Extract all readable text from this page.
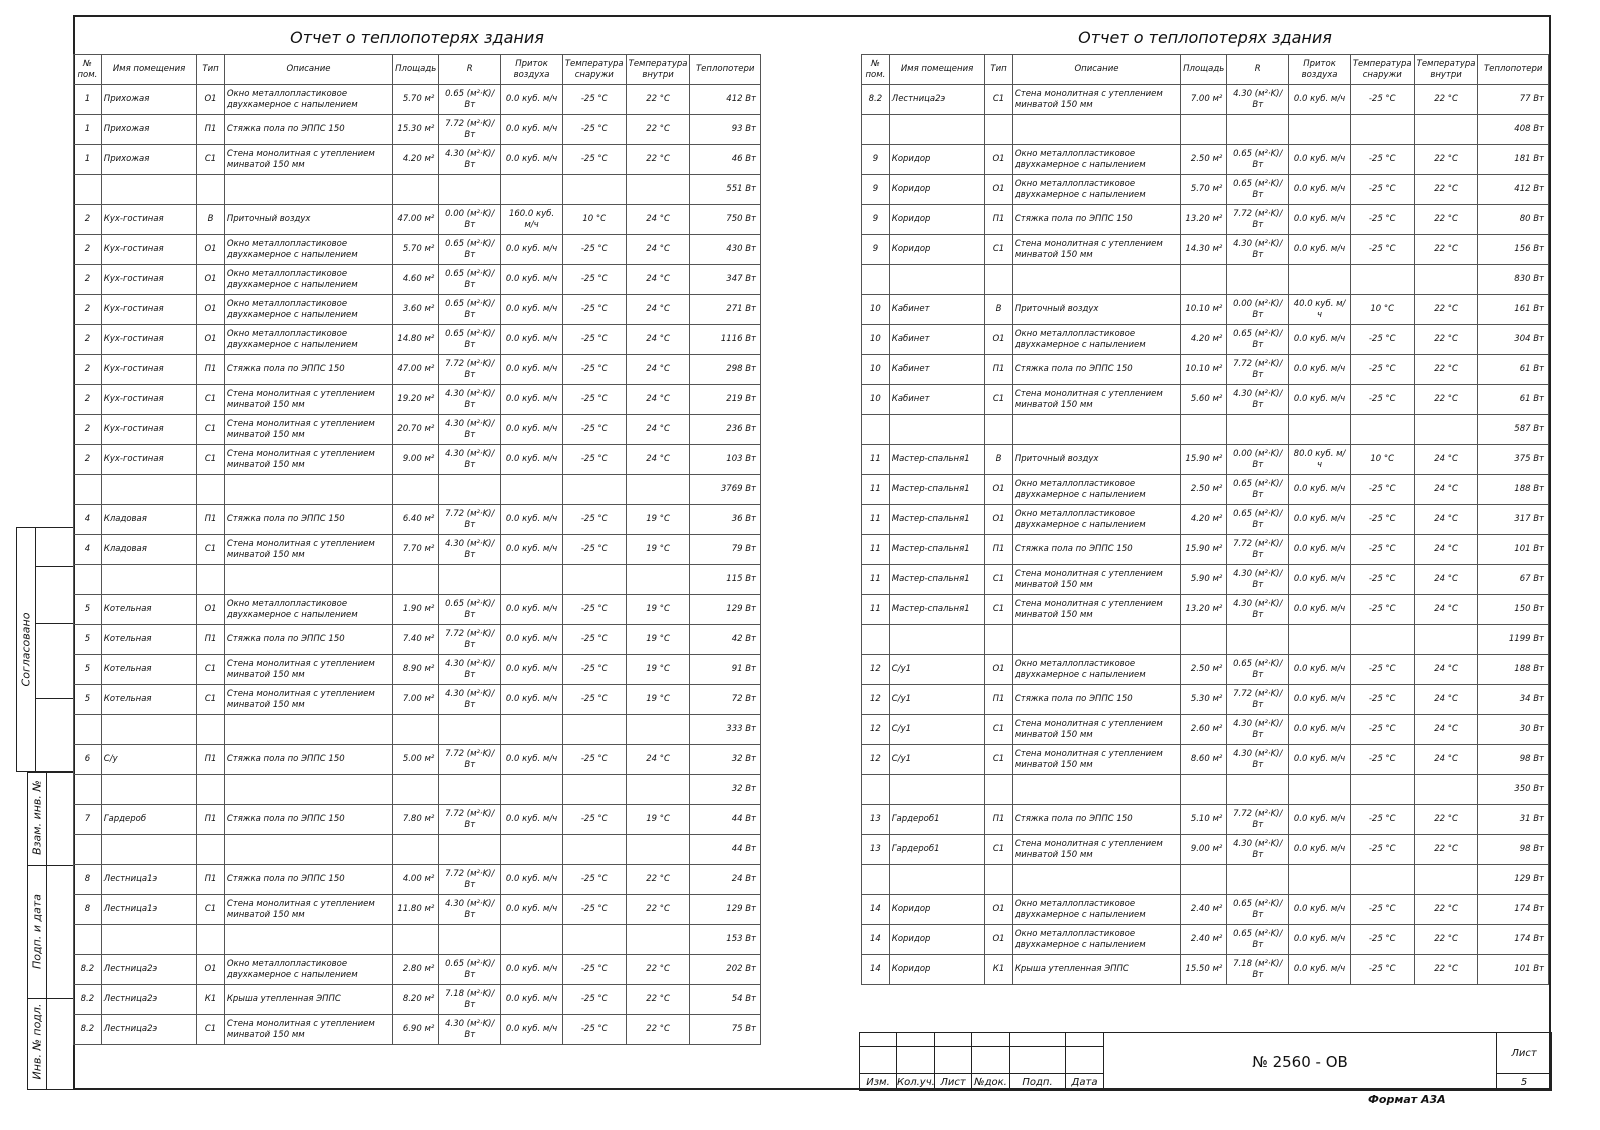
Согласовано
Взам. инв. №
Подп. и дата
Инв. № подл.
Отчет о теплопотерях здания
№ пом.	Имя помещения	Тип	Описание	Площадь	R	Приток воздуха	Температура снаружи	Температура внутри	Теплопотери
1	Прихожая	О1	Окно металлопластиковое двухкамерное с напылением	5.70 м²	0.65 (м²·K)/Вт	0.0 куб. м/ч	-25 °C	22 °C	412 Вт
1	Прихожая	П1	Стяжка пола по ЭППС 150	15.30 м²	7.72 (м²·K)/Вт	0.0 куб. м/ч	-25 °C	22 °C	93 Вт
1	Прихожая	С1	Стена монолитная с утеплением минватой 150 мм	4.20 м²	4.30 (м²·K)/Вт	0.0 куб. м/ч	-25 °C	22 °C	46 Вт
									551 Вт
2	Кух-гостиная	В	Приточный воздух	47.00 м²	0.00 (м²·K)/Вт	160.0 куб. м/ч	10 °C	24 °C	750 Вт
2	Кух-гостиная	О1	Окно металлопластиковое двухкамерное с напылением	5.70 м²	0.65 (м²·K)/Вт	0.0 куб. м/ч	-25 °C	24 °C	430 Вт
2	Кух-гостиная	О1	Окно металлопластиковое двухкамерное с напылением	4.60 м²	0.65 (м²·K)/Вт	0.0 куб. м/ч	-25 °C	24 °C	347 Вт
2	Кух-гостиная	О1	Окно металлопластиковое двухкамерное с напылением	3.60 м²	0.65 (м²·K)/Вт	0.0 куб. м/ч	-25 °C	24 °C	271 Вт
2	Кух-гостиная	О1	Окно металлопластиковое двухкамерное с напылением	14.80 м²	0.65 (м²·K)/Вт	0.0 куб. м/ч	-25 °C	24 °C	1116 Вт
2	Кух-гостиная	П1	Стяжка пола по ЭППС 150	47.00 м²	7.72 (м²·K)/Вт	0.0 куб. м/ч	-25 °C	24 °C	298 Вт
2	Кух-гостиная	С1	Стена монолитная с утеплением минватой 150 мм	19.20 м²	4.30 (м²·K)/Вт	0.0 куб. м/ч	-25 °C	24 °C	219 Вт
2	Кух-гостиная	С1	Стена монолитная с утеплением минватой 150 мм	20.70 м²	4.30 (м²·K)/Вт	0.0 куб. м/ч	-25 °C	24 °C	236 Вт
2	Кух-гостиная	С1	Стена монолитная с утеплением минватой 150 мм	9.00 м²	4.30 (м²·K)/Вт	0.0 куб. м/ч	-25 °C	24 °C	103 Вт
									3769 Вт
4	Кладовая	П1	Стяжка пола по ЭППС 150	6.40 м²	7.72 (м²·K)/Вт	0.0 куб. м/ч	-25 °C	19 °C	36 Вт
4	Кладовая	С1	Стена монолитная с утеплением минватой 150 мм	7.70 м²	4.30 (м²·K)/Вт	0.0 куб. м/ч	-25 °C	19 °C	79 Вт
									115 Вт
5	Котельная	О1	Окно металлопластиковое двухкамерное с напылением	1.90 м²	0.65 (м²·K)/Вт	0.0 куб. м/ч	-25 °C	19 °C	129 Вт
5	Котельная	П1	Стяжка пола по ЭППС 150	7.40 м²	7.72 (м²·K)/Вт	0.0 куб. м/ч	-25 °C	19 °C	42 Вт
5	Котельная	С1	Стена монолитная с утеплением минватой 150 мм	8.90 м²	4.30 (м²·K)/Вт	0.0 куб. м/ч	-25 °C	19 °C	91 Вт
5	Котельная	С1	Стена монолитная с утеплением минватой 150 мм	7.00 м²	4.30 (м²·K)/Вт	0.0 куб. м/ч	-25 °C	19 °C	72 Вт
									333 Вт
6	С/у	П1	Стяжка пола по ЭППС 150	5.00 м²	7.72 (м²·K)/Вт	0.0 куб. м/ч	-25 °C	24 °C	32 Вт
									32 Вт
7	Гардероб	П1	Стяжка пола по ЭППС 150	7.80 м²	7.72 (м²·K)/Вт	0.0 куб. м/ч	-25 °C	19 °C	44 Вт
									44 Вт
8	Лестница1э	П1	Стяжка пола по ЭППС 150	4.00 м²	7.72 (м²·K)/Вт	0.0 куб. м/ч	-25 °C	22 °C	24 Вт
8	Лестница1э	С1	Стена монолитная с утеплением минватой 150 мм	11.80 м²	4.30 (м²·K)/Вт	0.0 куб. м/ч	-25 °C	22 °C	129 Вт
									153 Вт
8.2	Лестница2э	О1	Окно металлопластиковое двухкамерное с напылением	2.80 м²	0.65 (м²·K)/Вт	0.0 куб. м/ч	-25 °C	22 °C	202 Вт
8.2	Лестница2э	К1	Крыша утепленная ЭППС	8.20 м²	7.18 (м²·K)/Вт	0.0 куб. м/ч	-25 °C	22 °C	54 Вт
8.2	Лестница2э	С1	Стена монолитная с утеплением минватой 150 мм	6.90 м²	4.30 (м²·K)/Вт	0.0 куб. м/ч	-25 °C	22 °C	75 Вт
Отчет о теплопотерях здания
№ пом.	Имя помещения	Тип	Описание	Площадь	R	Приток воздуха	Температура снаружи	Температура внутри	Теплопотери
8.2	Лестница2э	С1	Стена монолитная с утеплением минватой 150 мм	7.00 м²	4.30 (м²·K)/Вт	0.0 куб. м/ч	-25 °C	22 °C	77 Вт
									408 Вт
9	Коридор	О1	Окно металлопластиковое двухкамерное с напылением	2.50 м²	0.65 (м²·K)/Вт	0.0 куб. м/ч	-25 °C	22 °C	181 Вт
9	Коридор	О1	Окно металлопластиковое двухкамерное с напылением	5.70 м²	0.65 (м²·K)/Вт	0.0 куб. м/ч	-25 °C	22 °C	412 Вт
9	Коридор	П1	Стяжка пола по ЭППС 150	13.20 м²	7.72 (м²·K)/Вт	0.0 куб. м/ч	-25 °C	22 °C	80 Вт
9	Коридор	С1	Стена монолитная с утеплением минватой 150 мм	14.30 м²	4.30 (м²·K)/Вт	0.0 куб. м/ч	-25 °C	22 °C	156 Вт
									830 Вт
10	Кабинет	В	Приточный воздух	10.10 м²	0.00 (м²·K)/Вт	40.0 куб. м/ч	10 °C	22 °C	161 Вт
10	Кабинет	О1	Окно металлопластиковое двухкамерное с напылением	4.20 м²	0.65 (м²·K)/Вт	0.0 куб. м/ч	-25 °C	22 °C	304 Вт
10	Кабинет	П1	Стяжка пола по ЭППС 150	10.10 м²	7.72 (м²·K)/Вт	0.0 куб. м/ч	-25 °C	22 °C	61 Вт
10	Кабинет	С1	Стена монолитная с утеплением минватой 150 мм	5.60 м²	4.30 (м²·K)/Вт	0.0 куб. м/ч	-25 °C	22 °C	61 Вт
									587 Вт
11	Мастер-спальня1	В	Приточный воздух	15.90 м²	0.00 (м²·K)/Вт	80.0 куб. м/ч	10 °C	24 °C	375 Вт
11	Мастер-спальня1	О1	Окно металлопластиковое двухкамерное с напылением	2.50 м²	0.65 (м²·K)/Вт	0.0 куб. м/ч	-25 °C	24 °C	188 Вт
11	Мастер-спальня1	О1	Окно металлопластиковое двухкамерное с напылением	4.20 м²	0.65 (м²·K)/Вт	0.0 куб. м/ч	-25 °C	24 °C	317 Вт
11	Мастер-спальня1	П1	Стяжка пола по ЭППС 150	15.90 м²	7.72 (м²·K)/Вт	0.0 куб. м/ч	-25 °C	24 °C	101 Вт
11	Мастер-спальня1	С1	Стена монолитная с утеплением минватой 150 мм	5.90 м²	4.30 (м²·K)/Вт	0.0 куб. м/ч	-25 °C	24 °C	67 Вт
11	Мастер-спальня1	С1	Стена монолитная с утеплением минватой 150 мм	13.20 м²	4.30 (м²·K)/Вт	0.0 куб. м/ч	-25 °C	24 °C	150 Вт
									1199 Вт
12	С/у1	О1	Окно металлопластиковое двухкамерное с напылением	2.50 м²	0.65 (м²·K)/Вт	0.0 куб. м/ч	-25 °C	24 °C	188 Вт
12	С/у1	П1	Стяжка пола по ЭППС 150	5.30 м²	7.72 (м²·K)/Вт	0.0 куб. м/ч	-25 °C	24 °C	34 Вт
12	С/у1	С1	Стена монолитная с утеплением минватой 150 мм	2.60 м²	4.30 (м²·K)/Вт	0.0 куб. м/ч	-25 °C	24 °C	30 Вт
12	С/у1	С1	Стена монолитная с утеплением минватой 150 мм	8.60 м²	4.30 (м²·K)/Вт	0.0 куб. м/ч	-25 °C	24 °C	98 Вт
									350 Вт
13	Гардероб1	П1	Стяжка пола по ЭППС 150	5.10 м²	7.72 (м²·K)/Вт	0.0 куб. м/ч	-25 °C	22 °C	31 Вт
13	Гардероб1	С1	Стена монолитная с утеплением минватой 150 мм	9.00 м²	4.30 (м²·K)/Вт	0.0 куб. м/ч	-25 °C	22 °C	98 Вт
									129 Вт
14	Коридор	О1	Окно металлопластиковое двухкамерное с напылением	2.40 м²	0.65 (м²·K)/Вт	0.0 куб. м/ч	-25 °C	22 °C	174 Вт
14	Коридор	О1	Окно металлопластиковое двухкамерное с напылением	2.40 м²	0.65 (м²·K)/Вт	0.0 куб. м/ч	-25 °C	22 °C	174 Вт
14	Коридор	К1	Крыша утепленная ЭППС	15.50 м²	7.18 (м²·K)/Вт	0.0 куб. м/ч	-25 °C	22 °C	101 Вт
						№ 2560 - ОВ	Лист

Изм.	Кол.уч.	Лист	№док.	Подп.	Дата		5
Формат А3А
